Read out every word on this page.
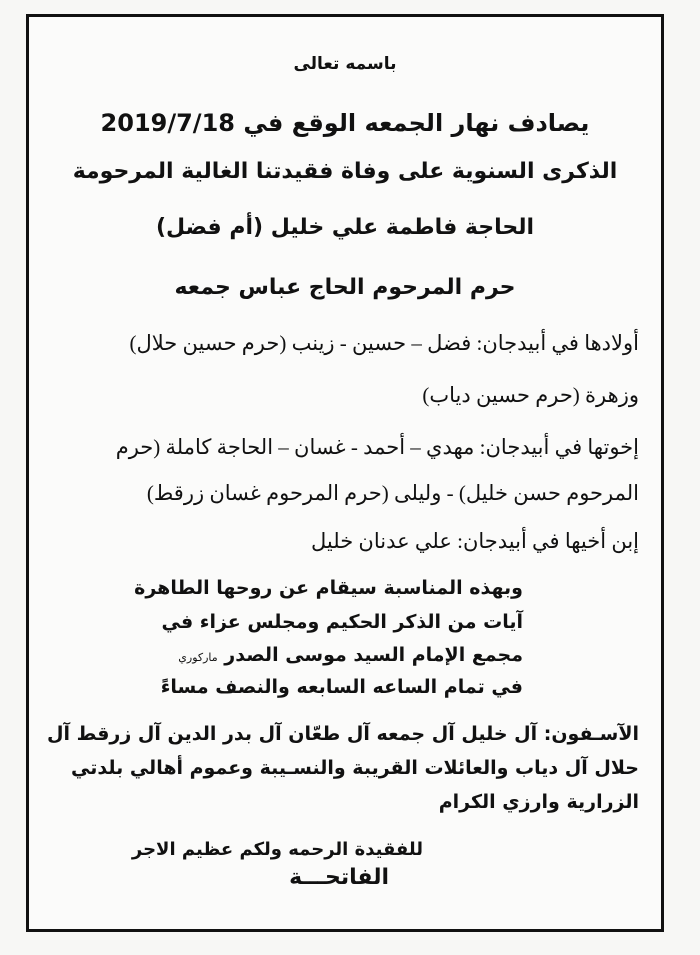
باسمه تعالى

يصادف نهار الجمعه الوقع في 2019/7/18

الذكرى السنوية على وفاة فقيدتنا الغالية المرحومة

الحاجة فاطمة علي خليل (أم فضل)

حرم المرحوم الحاج عباس جمعه

أولادها في أبيدجان: فضل – حسين - زينب (حرم حسين حلال)

وزهرة (حرم حسين دياب)

إخوتها في أبيدجان: مهدي – أحمد - غسان – الحاجة كاملة (حرم

المرحوم حسن خليل) - وليلى (حرم المرحوم غسان زرقط)

إبن أخيها في أبيدجان: علي عدنان خليل

وبهذه المناسبة سيقام عن روحها الطاهرة

آيات من الذكر الحكيم ومجلس عزاء في

مجمع الإمام السيد موسى الصدر ماركوري

في تمام الساعه السابعه والنصف مساءً

الآسـفون: آل خليل آل جمعه آل طعّان آل بدر الدين آل زرقط آل

حلال آل دياب والعائلات القريبة والنسـيبة وعموم أهالي بلدتي

الزرارية وارزي الكرام

للفقيدة الرحمه ولكم عظيم الاجر

الفاتحـــة
